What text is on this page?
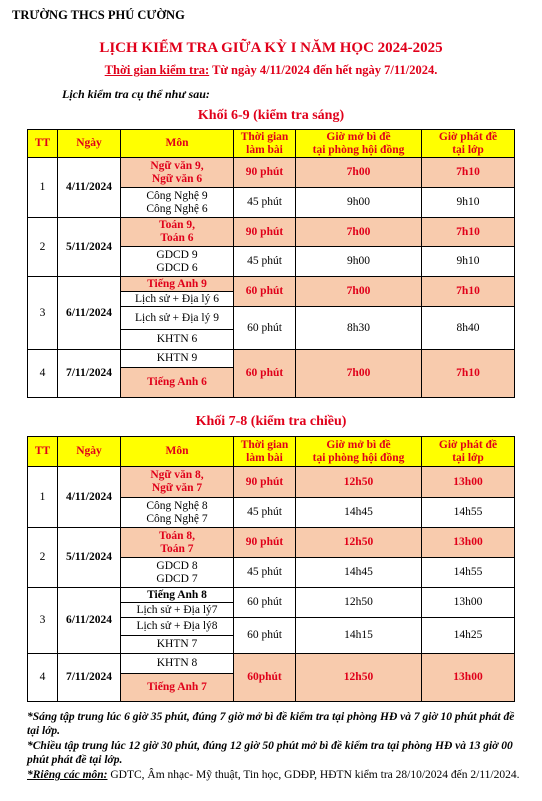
TRƯỜNG THCS PHÚ CƯỜNG
LỊCH KIỂM TRA GIỮA KỲ I NĂM HỌC 2024-2025
Thời gian kiểm tra: Từ ngày 4/11/2024 đến hết ngày 7/11/2024.
Lịch kiểm tra cụ thể như sau:
Khối 6-9 (kiểm tra sáng)
TT	Ngày	Môn	Thời gian
làm bài	Giờ mở bì đề
tại phòng hội đồng	Giờ phát đề
tại lớp
1	4/11/2024	Ngữ văn 9,
Ngữ văn 6	90 phút	7h00	7h10
		Công Nghệ 9
Công Nghệ 6	45 phút	9h00	9h10
2	5/11/2024	Toán 9,
Toán 6	90 phút	7h00	7h10
		GDCD 9
GDCD 6	45 phút	9h00	9h10
3	6/11/2024	Tiếng Anh 9	60 phút	7h00	7h10
		Lịch sử + Địa lý 6			
		Lịch sử + Địa lý 9	60 phút	8h30	8h40
		KHTN 6			
4	7/11/2024	KHTN 9	60 phút	7h00	7h10
		Tiếng Anh 6			
Khối 7-8 (kiểm tra chiều)
TT	Ngày	Môn	Thời gian
làm bài	Giờ mở bì đề
tại phòng hội đồng	Giờ phát đề
tại lớp
1	4/11/2024	Ngữ văn 8,
Ngữ văn 7	90 phút	12h50	13h00
		Công Nghệ 8
Công Nghệ 7	45 phút	14h45	14h55
2	5/11/2024	Toán 8,
Toán 7	90 phút	12h50	13h00
		GDCD 8
GDCD 7	45 phút	14h45	14h55
3	6/11/2024	Tiếng Anh 8	60 phút	12h50	13h00
		Lịch sử + Địa lý7			
		Lịch sử + Địa lý8	60 phút	14h15	14h25
		KHTN 7			
4	7/11/2024	KHTN 8	60phút	12h50	13h00
		Tiếng Anh 7			

*Sáng tập trung lúc 6 giờ 35 phút, đúng 7 giờ mở bì đề kiểm tra tại phòng HĐ và 7 giờ 10 phút phát đề tại lớp.

*Chiều tập trung lúc 12 giờ 30 phút, đúng 12 giờ 50 phút mở bì đề kiểm tra tại phòng HĐ và 13 giờ 00 phút phát đề tại lớp.

*Riêng các môn: GDTC, Âm nhạc- Mỹ thuật, Tin học, GDĐP, HĐTN kiểm tra 28/10/2024 đến 2/11/2024.
